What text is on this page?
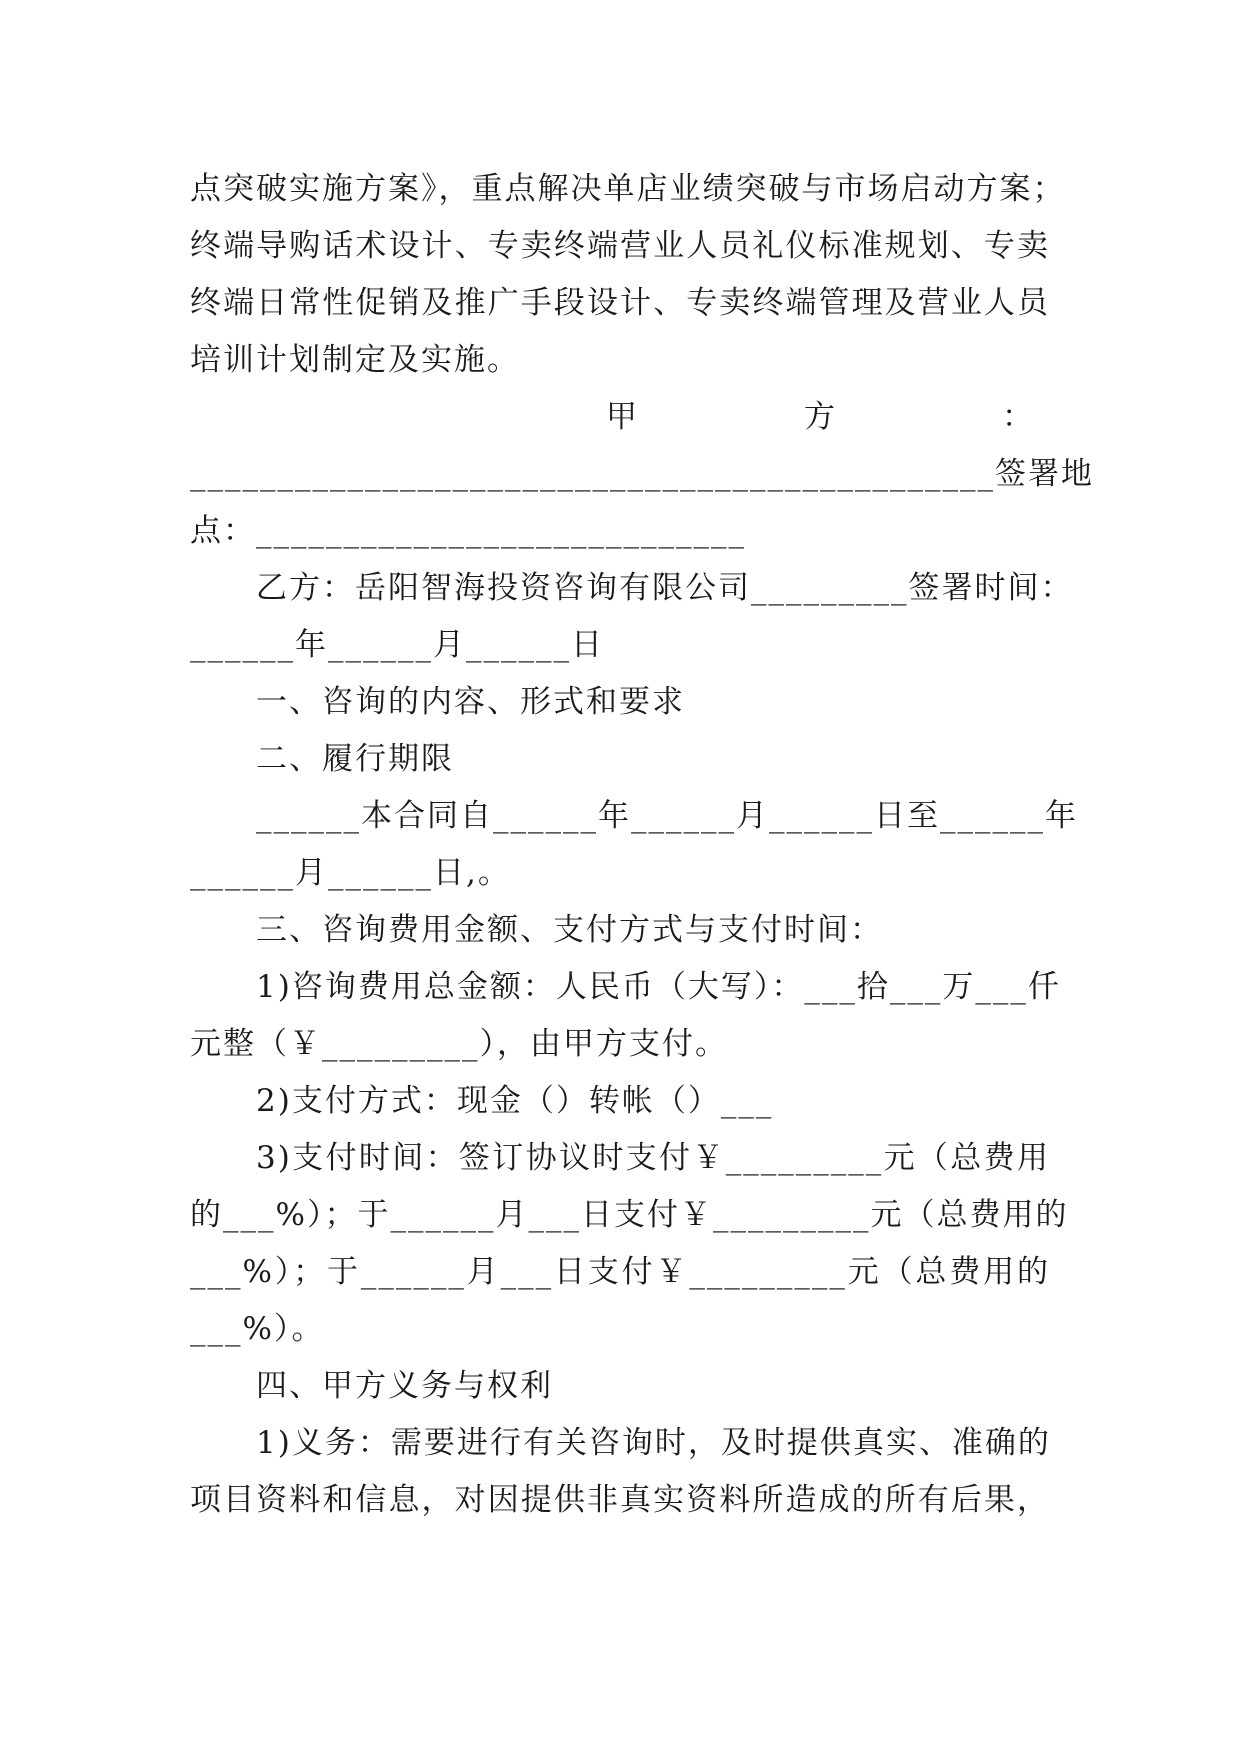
点突破实施方案》，重点解决单店业绩突破与市场启动方案；
终端导购话术设计、专卖终端营业人员礼仪标准规划、专卖
终端日常性促销及推广手段设计、专卖终端管理及营业人员
培训计划制定及实施。
甲　　　　　方　　　　　：
______________________________________________签署地
点：____________________________
乙方：岳阳智海投资咨询有限公司_________签署时间：
______年______月______日
一、咨询的内容、形式和要求
二、履行期限
______本合同自______年______月______日至______年
______月______日,。
三、咨询费用金额、支付方式与支付时间：
1)咨询费用总金额：人民币（大写）：___拾___万___仟
元整（￥_________），由甲方支付。
2)支付方式：现金（）转帐（）___
3)支付时间：签订协议时支付￥_________元（总费用
的___%）；于______月___日支付￥_________元（总费用的
___%）；于______月___日支付￥_________元（总费用的
___%）。
四、甲方义务与权利
1)义务：需要进行有关咨询时，及时提供真实、准确的
项目资料和信息，对因提供非真实资料所造成的所有后果，
